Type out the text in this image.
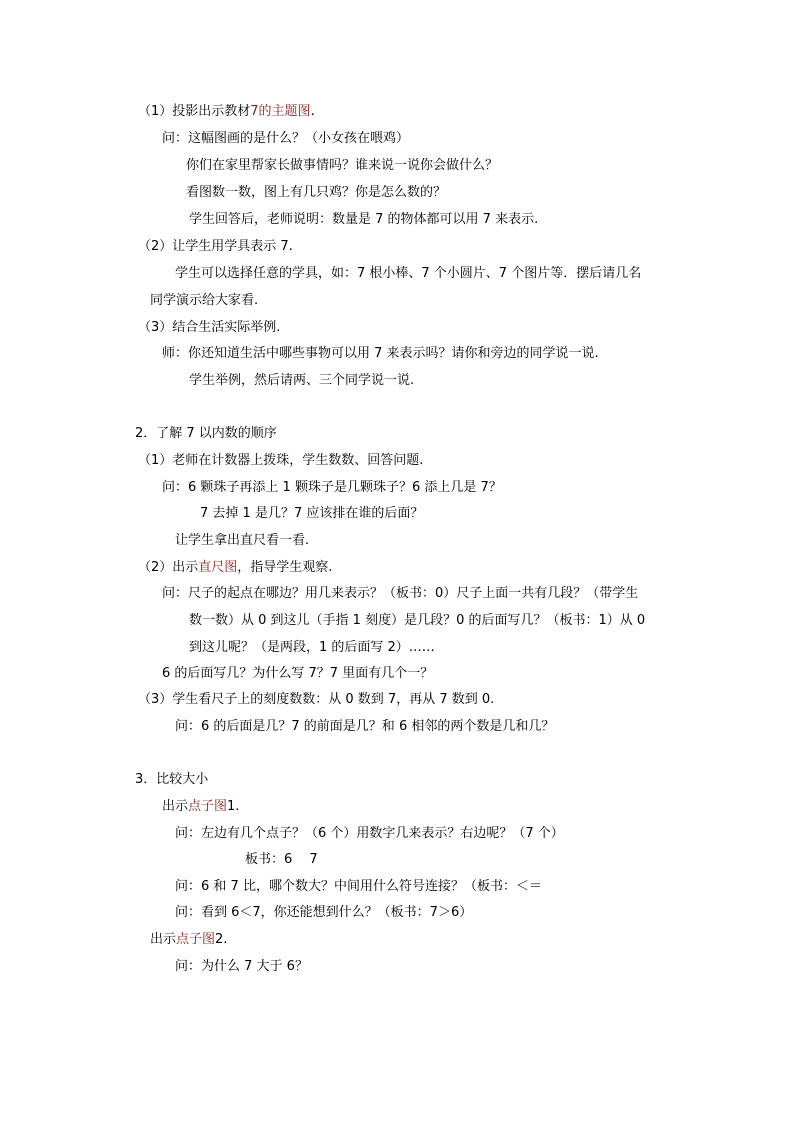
（1）投影出示教材7的主题图.
问：这幅图画的是什么？（小女孩在喂鸡）
你们在家里帮家长做事情吗？谁来说一说你会做什么？
看图数一数，图上有几只鸡？你是怎么数的？
学生回答后，老师说明：数量是 7 的物体都可以用 7 来表示.
（2）让学生用学具表示 7.
学生可以选择任意的学具，如：7 根小棒、7 个小圆片、7 个图片等．摆后请几名
同学演示给大家看.
（3）结合生活实际举例.
师：你还知道生活中哪些事物可以用 7 来表示吗？请你和旁边的同学说一说.
学生举例，然后请两、三个同学说一说.
2．了解 7 以内数的顺序
（1）老师在计数器上拨珠，学生数数、回答问题.
问：6 颗珠子再添上 1 颗珠子是几颗珠子？6 添上几是 7？
7 去掉 1 是几？7 应该排在谁的后面？
让学生拿出直尺看一看.
（2）出示直尺图，指导学生观察.
问：尺子的起点在哪边？用几来表示？（板书：0）尺子上面一共有几段？（带学生
数一数）从 0 到这儿（手指 1 刻度）是几段？0 的后面写几？（板书：1）从 0
到这儿呢？（是两段，1 的后面写 2）……
6 的后面写几？为什么写 7？7 里面有几个一？
（3）学生看尺子上的刻度数数：从 0 数到 7，再从 7 数到 0.
问：6 的后面是几？7 的前面是几？和 6 相邻的两个数是几和几？
3．比较大小
出示点子图1.
问：左边有几个点子？（6 个）用数字几来表示？右边呢？（7 个）
板书：6　 7
问：6 和 7 比，哪个数大？中间用什么符号连接？（板书：＜＝
问：看到 6＜7，你还能想到什么？（板书：7＞6）
出示点子图2.
问：为什么 7 大于 6？
